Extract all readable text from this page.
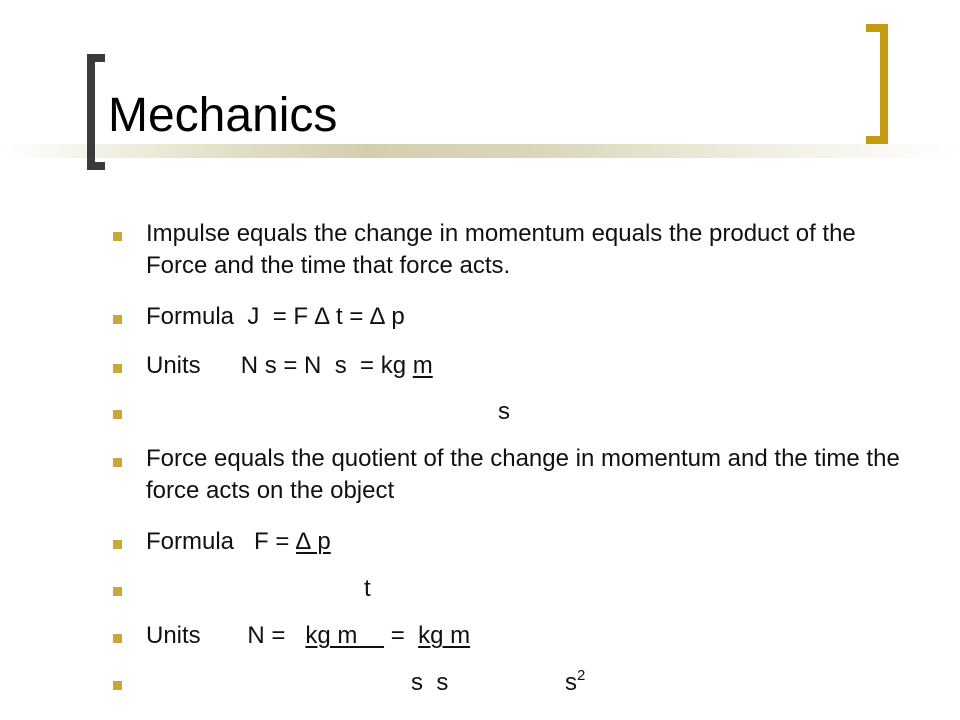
Mechanics
Impulse equals the change in momentum equals the product of the Force and the time that force acts.
Formula  J  = F ∆ t = ∆ p
Units      N s = N  s  = kg m
s
Force equals the quotient of the change in momentum and the time the force acts on the object
Formula   F = ∆ p
t
Units       N =   kg m     =  kg m
s  s	$s^2$
